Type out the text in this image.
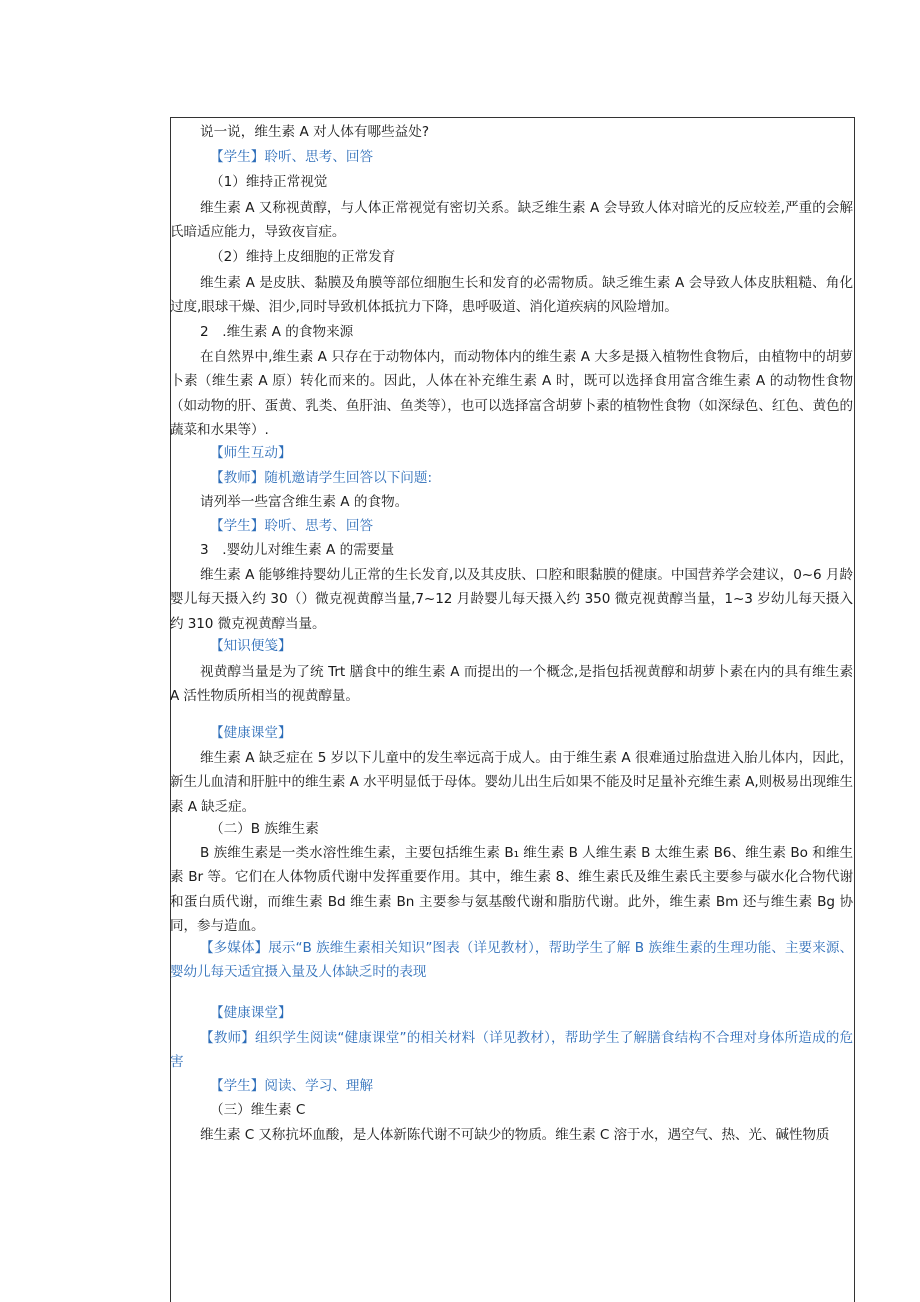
说一说，维生素 A 对人体有哪些益处?
【学生】聆听、思考、回答
（1）维持正常视觉
维生素 A 又称视黄醇，与人体正常视觉有密切关系。缺乏维生素 A 会导致人体对暗光的反应较差,严重的会解氏暗适应能力，导致夜盲症。
（2）维持上皮细胞的正常发育
维生素 A 是皮肤、黏膜及角膜等部位细胞生长和发育的必需物质。缺乏维生素 A 会导致人体皮肤粗糙、角化过度,眼球干燥、泪少,同时导致机体抵抗力下降，患呼吸道、消化道疾病的风险增加。
2　.维生素 A 的食物来源
在自然界中,维生素 A 只存在于动物体内，而动物体内的维生素 A 大多是摄入植物性食物后，由植物中的胡萝卜素（维生素 A 原）转化而来的。因此，人体在补充维生素 A 时，既可以选择食用富含维生素 A 的动物性食物（如动物的肝、蛋黄、乳类、鱼肝油、鱼类等），也可以选择富含胡萝卜素的植物性食物（如深绿色、红色、黄色的蔬菜和水果等）.
【师生互动】
【教师】随机邀请学生回答以下问题:
请列举一些富含维生素 A 的食物。
【学生】聆听、思考、回答
3　.婴幼儿对维生素 A 的需要量
维生素 A 能够维持婴幼儿正常的生长发育,以及其皮肤、口腔和眼黏膜的健康。中国营养学会建议，0~6 月龄婴儿每天摄入约 30（）微克视黄醇当量,7~12 月龄婴儿每天摄入约 350 微克视黄醇当量，1~3 岁幼儿每天摄入约 310 微克视黄醇当量。
【知识便笺】
视黄醇当量是为了统 Trt 膳食中的维生素 A 而提出的一个概念,是指包括视黄醇和胡萝卜素在内的具有维生素 A 活性物质所相当的视黄醇量。
【健康课堂】
维生素 A 缺乏症在 5 岁以下儿童中的发生率远高于成人。由于维生素 A 很难通过胎盘进入胎儿体内，因此，新生儿血清和肝脏中的维生素 A 水平明显低于母体。婴幼儿出生后如果不能及时足量补充维生素 A,则极易出现维生素 A 缺乏症。
（二）B 族维生素
B 族维生素是一类水溶性维生素，主要包括维生素 B₁ 维生素 B 人维生素 B 太维生素 B6、维生素 Bo 和维生素 Br 等。它们在人体物质代谢中发挥重要作用。其中，维生素 8、维生素氏及维生素氏主要参与碳水化合物代谢和蛋白质代谢，而维生素 Bd 维生素 Bn 主要参与氨基酸代谢和脂肪代谢。此外，维生素 Bm 还与维生素 Bg 协同，参与造血。
【多媒体】展示“B 族维生素相关知识”图表（详见教材），帮助学生了解 B 族维生素的生理功能、主要来源、婴幼儿每天适宜摄入量及人体缺乏时的表现
【健康课堂】
【教师】组织学生阅读“健康课堂”的相关材料（详见教材），帮助学生了解膳食结构不合理对身体所造成的危害
【学生】阅读、学习、理解
（三）维生素 C
维生素 C 又称抗坏血酸，是人体新陈代谢不可缺少的物质。维生素 C 溶于水，遇空气、热、光、碱性物质
